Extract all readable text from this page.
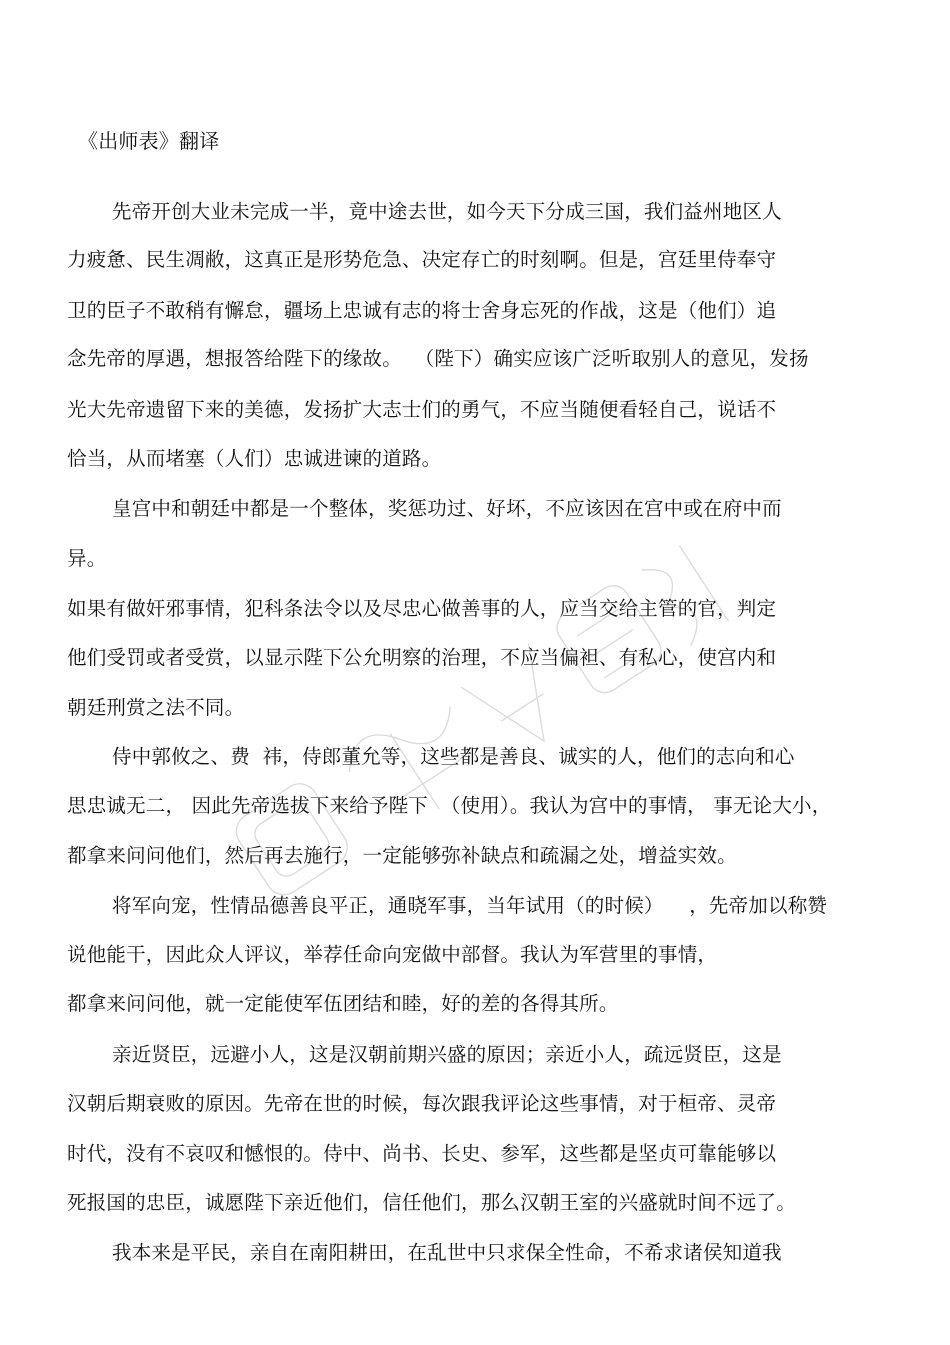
《出师表》翻译
先帝开创大业未完成一半，竟中途去世，如今天下分成三国，我们益州地区人
力疲惫、民生凋敝，这真正是形势危急、决定存亡的时刻啊。但是，宫廷里侍奉守
卫的臣子不敢稍有懈怠，疆场上忠诚有志的将士舍身忘死的作战，这是（他们）追
念先帝的厚遇，想报答给陛下的缘故。  （陛下）确实应该广泛听取别人的意见，发扬
光大先帝遗留下来的美德，发扬扩大志士们的勇气，不应当随便看轻自己，说话不
恰当，从而堵塞（人们）忠诚进谏的道路。
皇宫中和朝廷中都是一个整体，奖惩功过、好坏，不应该因在宫中或在府中而
异。
如果有做奸邪事情，犯科条法令以及尽忠心做善事的人，应当交给主管的官，判定
他们受罚或者受赏，以显示陛下公允明察的治理，不应当偏袒、有私心，使宫内和
朝廷刑赏之法不同。
侍中郭攸之、费  祎，侍郎董允等，这些都是善良、诚实的人，他们的志向和心
思忠诚无二， 因此先帝选拔下来给予陛下  （使用）。我认为宫中的事情， 事无论大小，
都拿来问问他们，然后再去施行，一定能够弥补缺点和疏漏之处，增益实效。
将军向宠，性情品德善良平正，通晓军事，当年试用（的时候）    ，先帝加以称赞
说他能干，因此众人评议，举荐任命向宠做中部督。我认为军营里的事情，
都拿来问问他，就一定能使军伍团结和睦，好的差的各得其所。
亲近贤臣，远避小人，这是汉朝前期兴盛的原因；亲近小人，疏远贤臣，这是
汉朝后期衰败的原因。先帝在世的时候，每次跟我评论这些事情，对于桓帝、灵帝
时代，没有不哀叹和憾恨的。侍中、尚书、长史、参军，这些都是坚贞可靠能够以
死报国的忠臣，诚愿陛下亲近他们，信任他们，那么汉朝王室的兴盛就时间不远了。
我本来是平民，亲自在南阳耕田，在乱世中只求保全性命，不希求诸侯知道我
